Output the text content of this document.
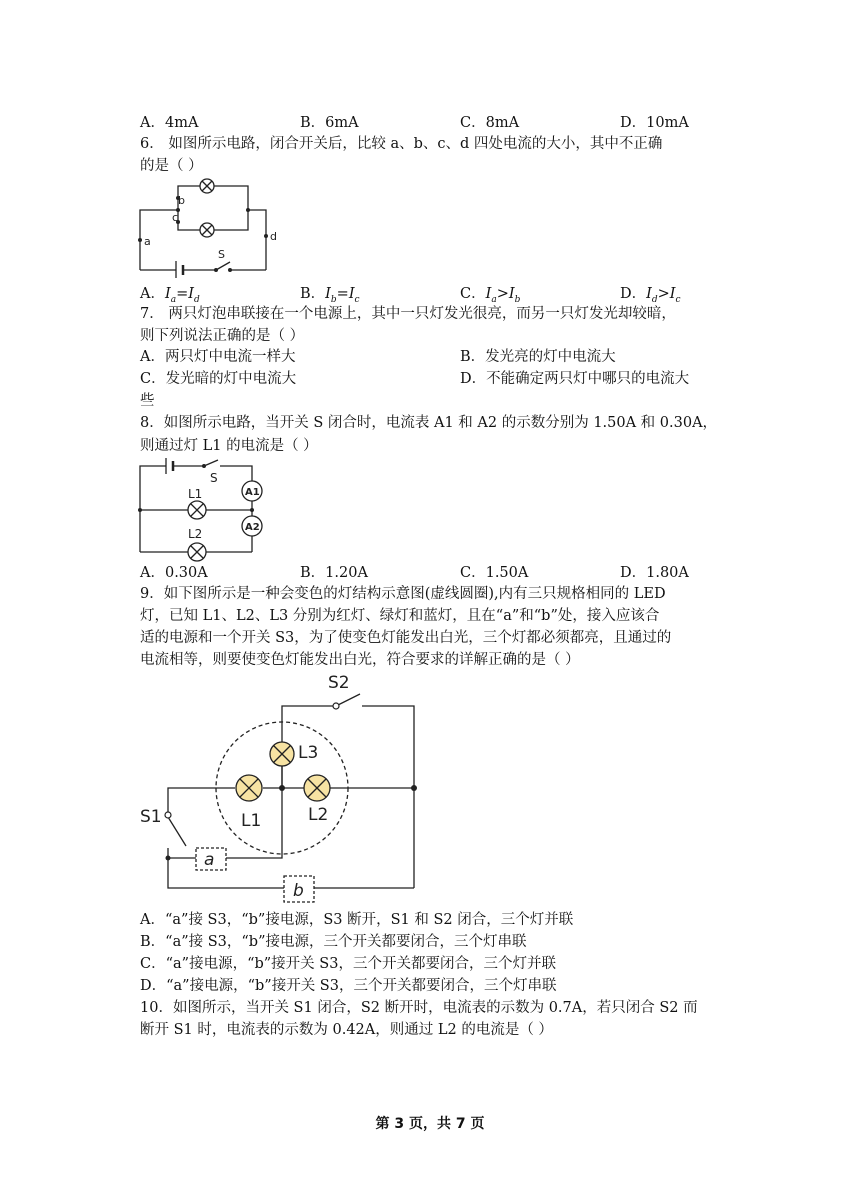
A．4mA	B．6mA	C．8mA	D．10mA
6． 如图所示电路，闭合开关后，比较 a、b、c、d 四处电流的大小，其中不正确
的是（ ）
a
b
c
d
S
A．$I_a=I_d$	B．$I_b=I_c$	C．$I_a>I_b$	D．$I_d>I_c$
7． 两只灯泡串联接在一个电源上，其中一只灯发光很亮，而另一只灯发光却较暗，
则下列说法正确的是（ ）
A．两只灯中电流一样大	B．发光亮的灯中电流大
C．发光暗的灯中电流大	D．不能确定两只灯中哪只的电流大
些
8．如图所示电路，当开关 S 闭合时，电流表 A1 和 A2 的示数分别为 1.50A 和 0.30A，
则通过灯 L1 的电流是（ ）
S
L1
L2
A1
A2
A．0.30A	B．1.20A	C．1.50A	D．1.80A
9．如下图所示是一种会变色的灯结构示意图(虚线圆圈),内有三只规格相同的 LED
灯，已知 L1、L2、L3 分别为红灯、绿灯和蓝灯，且在“a”和“b”处，接入应该合
适的电源和一个开关 S3，为了使变色灯能发出白光，三个灯都必须都亮，且通过的
电流相等，则要使变色灯能发出白光，符合要求的详解正确的是（ ）
S2
L3
L1	L2
S1
a
b
A．“a”接 S3，“b”接电源，S3 断开，S1 和 S2 闭合，三个灯并联
B．“a”接 S3，“b”接电源，三个开关都要闭合，三个灯串联
C．“a”接电源，“b”接开关 S3，三个开关都要闭合，三个灯并联
D．“a”接电源，“b”接开关 S3，三个开关都要闭合，三个灯串联
10．如图所示，当开关 S1 闭合，S2 断开时，电流表的示数为 0.7A，若只闭合 S2 而
断开 S1 时，电流表的示数为 0.42A，则通过 L2 的电流是（ ）
第 3 页，共 7 页
